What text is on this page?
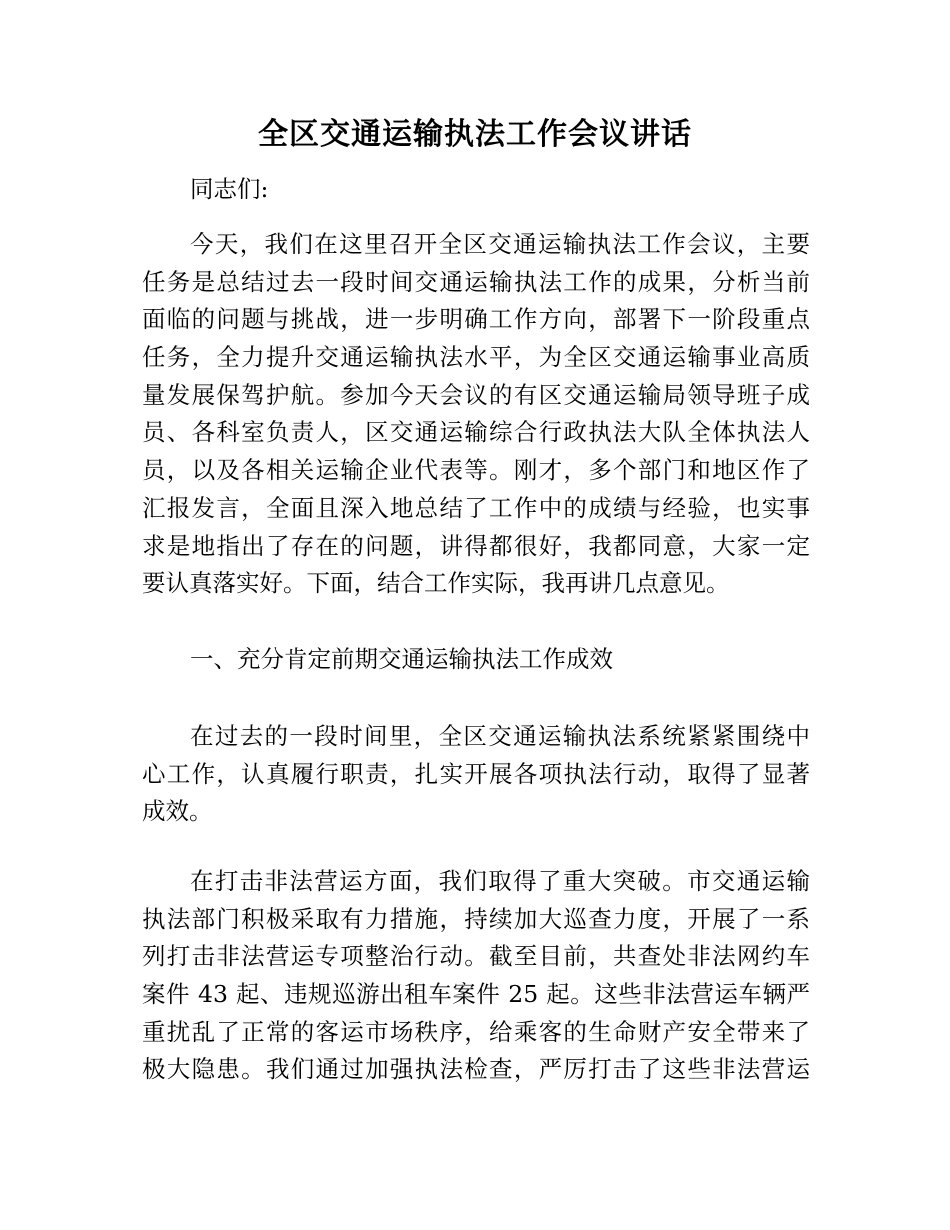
全区交通运输执法工作会议讲话
同志们:
今天，我们在这里召开全区交通运输执法工作会议，主要
任务是总结过去一段时间交通运输执法工作的成果，分析当前
面临的问题与挑战，进一步明确工作方向，部署下一阶段重点
任务，全力提升交通运输执法水平，为全区交通运输事业高质
量发展保驾护航。参加今天会议的有区交通运输局领导班子成
员、各科室负责人，区交通运输综合行政执法大队全体执法人
员，以及各相关运输企业代表等。刚才，多个部门和地区作了
汇报发言，全面且深入地总结了工作中的成绩与经验，也实事
求是地指出了存在的问题，讲得都很好，我都同意，大家一定
要认真落实好。下面，结合工作实际，我再讲几点意见。
一、充分肯定前期交通运输执法工作成效
在过去的一段时间里，全区交通运输执法系统紧紧围绕中
心工作，认真履行职责，扎实开展各项执法行动，取得了显著
成效。
在打击非法营运方面，我们取得了重大突破。市交通运输
执法部门积极采取有力措施，持续加大巡查力度，开展了一系
列打击非法营运专项整治行动。截至目前，共查处非法网约车
案件 43 起、违规巡游出租车案件 25 起。这些非法营运车辆严
重扰乱了正常的客运市场秩序，给乘客的生命财产安全带来了
极大隐患。我们通过加强执法检查，严厉打击了这些非法营运
